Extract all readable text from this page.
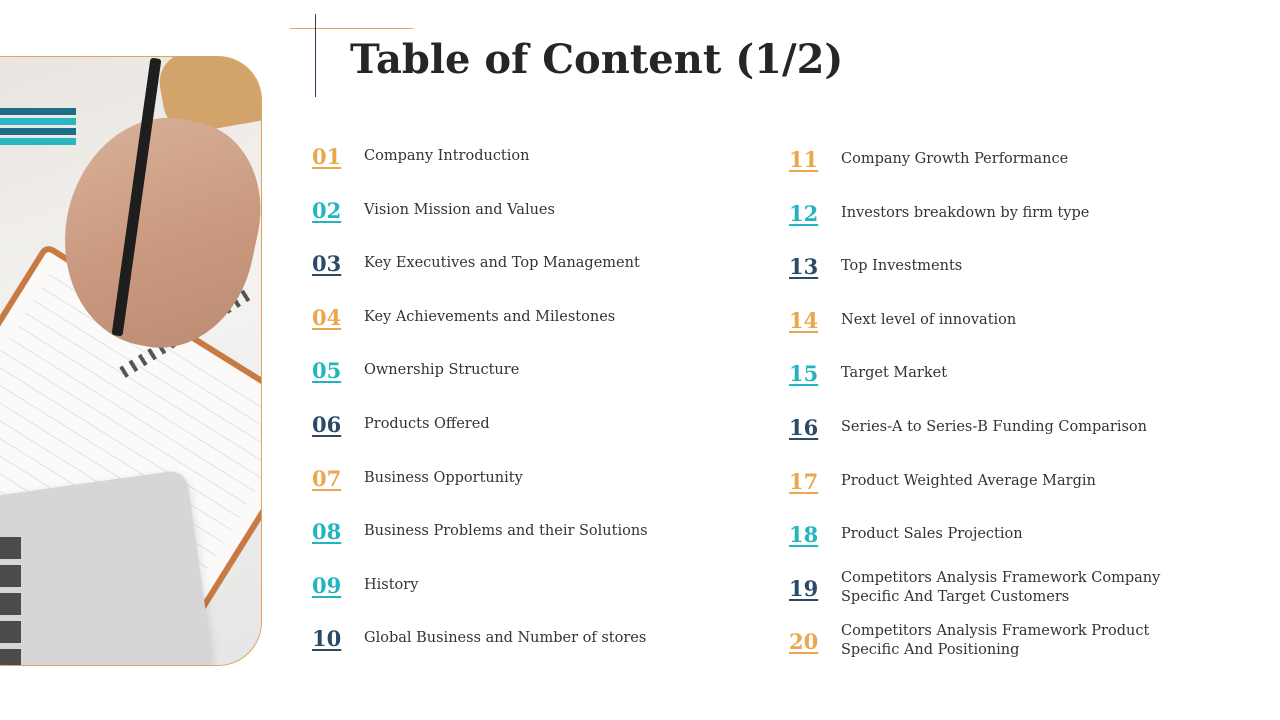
Table of Content (1/2)
01	Company Introduction
02	Vision Mission and Values
03	Key Executives and Top Management
04	Key Achievements and Milestones
05	Ownership Structure
06	Products Offered
07	Business Opportunity
08	Business Problems and their Solutions
09	History
10	Global Business and Number of stores
11	Company Growth Performance
12	Investors breakdown by firm type
13	Top Investments
14	Next level of innovation
15	Target Market
16	Series-A to Series-B Funding Comparison
17	Product Weighted Average Margin
18	Product Sales Projection
19	Competitors Analysis Framework Company
Specific And Target Customers
20	Competitors Analysis Framework Product
Specific And Positioning
